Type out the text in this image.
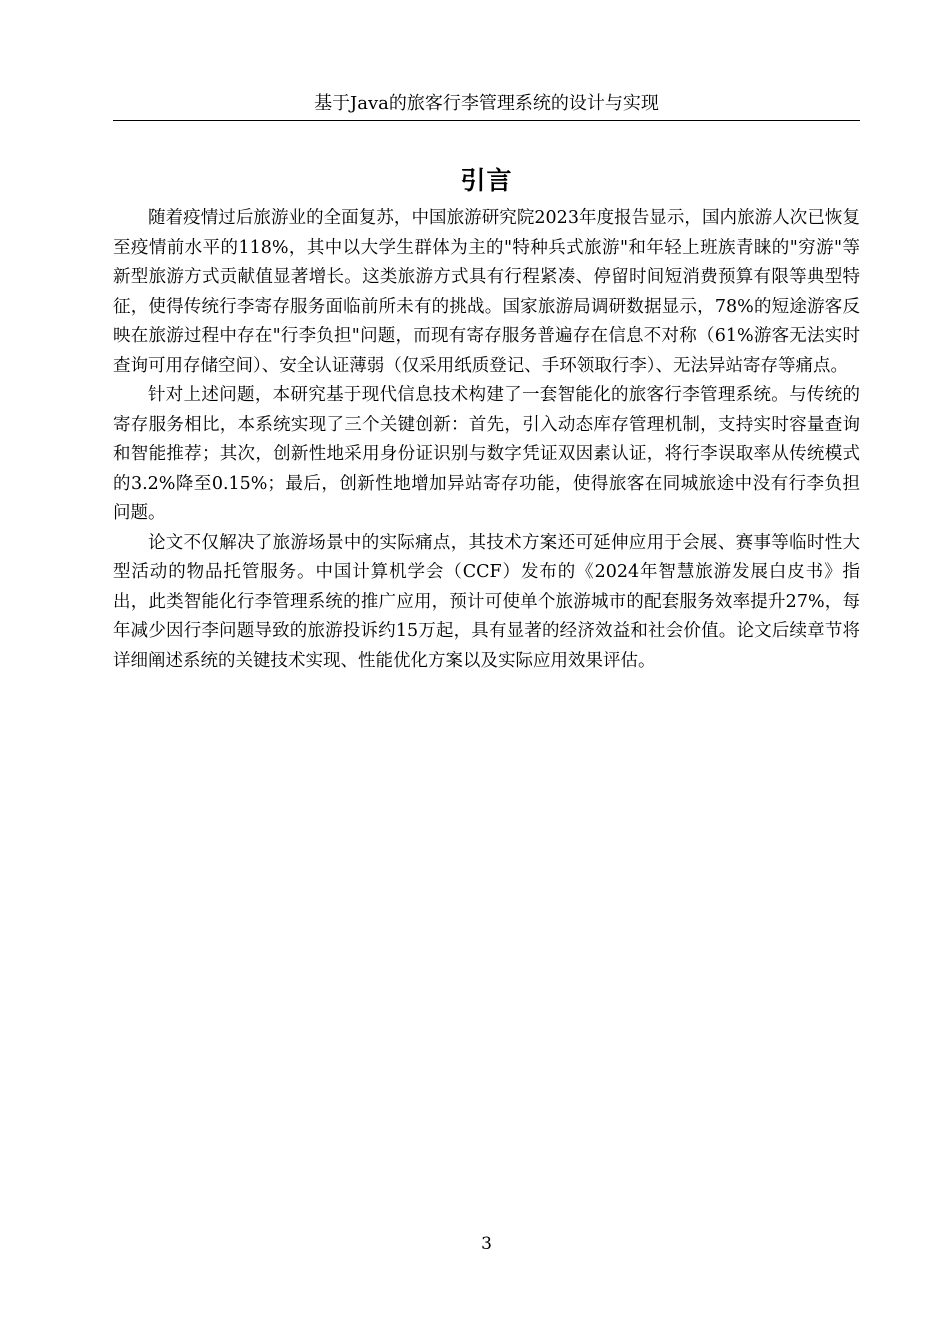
基于Java的旅客行李管理系统的设计与实现
引言

随着疫情过后旅游业的全面复苏，中国旅游研究院2023年度报告显示，国内旅游人次已恢复至疫情前水平的118%，其中以大学生群体为主的"特种兵式旅游"和年轻上班族青睐的"穷游"等新型旅游方式贡献值显著增长。这类旅游方式具有行程紧凑、停留时间短消费预算有限等典型特征，使得传统行李寄存服务面临前所未有的挑战。国家旅游局调研数据显示，78%的短途游客反映在旅游过程中存在"行李负担"问题，而现有寄存服务普遍存在信息不对称（61%游客无法实时查询可用存储空间）、安全认证薄弱（仅采用纸质登记、手环领取行李）、无法异站寄存等痛点。

针对上述问题，本研究基于现代信息技术构建了一套智能化的旅客行李管理系统。与传统的寄存服务相比，本系统实现了三个关键创新：首先，引入动态库存管理机制，支持实时容量查询和智能推荐；其次，创新性地采用身份证识别与数字凭证双因素认证，将行李误取率从传统模式的3.2%降至0.15%；最后，创新性地增加异站寄存功能，使得旅客在同城旅途中没有行李负担问题。

论文不仅解决了旅游场景中的实际痛点，其技术方案还可延伸应用于会展、赛事等临时性大型活动的物品托管服务。中国计算机学会（CCF）发布的《2024年智慧旅游发展白皮书》指出，此类智能化行李管理系统的推广应用，预计可使单个旅游城市的配套服务效率提升27%，每年减少因行李问题导致的旅游投诉约15万起，具有显著的经济效益和社会价值。论文后续章节将详细阐述系统的关键技术实现、性能优化方案以及实际应用效果评估。

3
